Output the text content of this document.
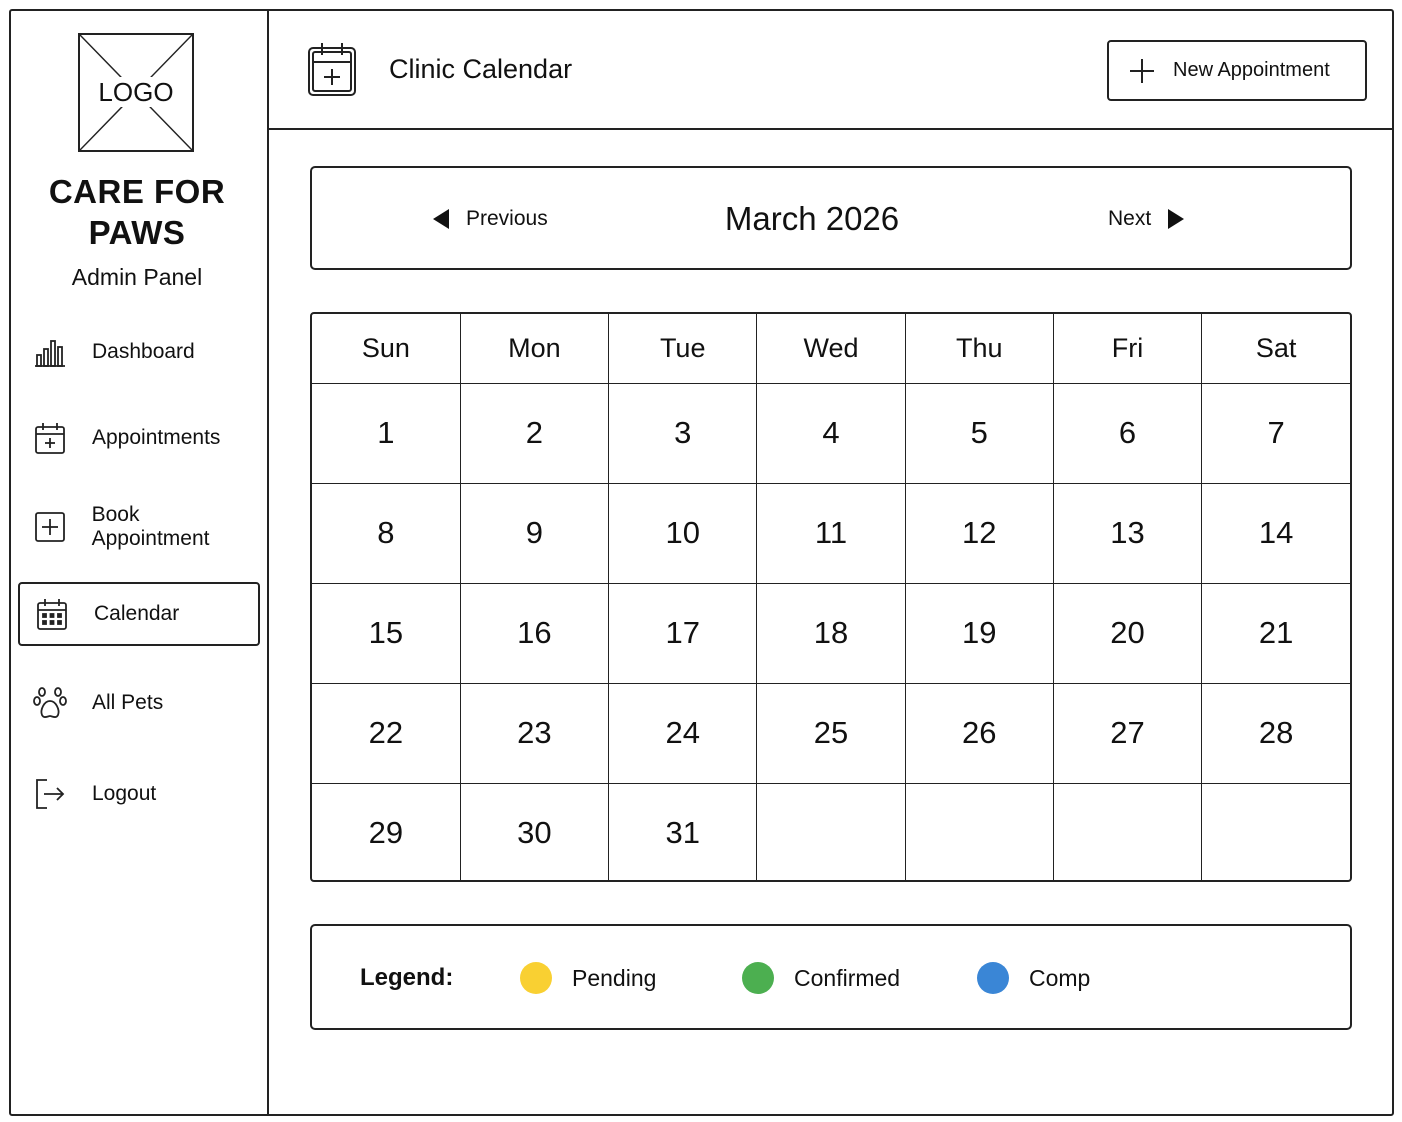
LOGO
CARE FOR
PAWS
Admin Panel
Dashboard
Appointments
Book Appointment
Calendar
All Pets
Logout
Clinic Calendar	New Appointment
Previous	March 2026	Next
Sun	Mon	Tue	Wed	Thu	Fri	Sat
1	2	3	4	5	6	7
8	9	10	11	12	13	14
15	16	17	18	19	20	21
22	23	24	25	26	27	28
29	30	31				
Legend:	Pending	Confirmed	Comp
